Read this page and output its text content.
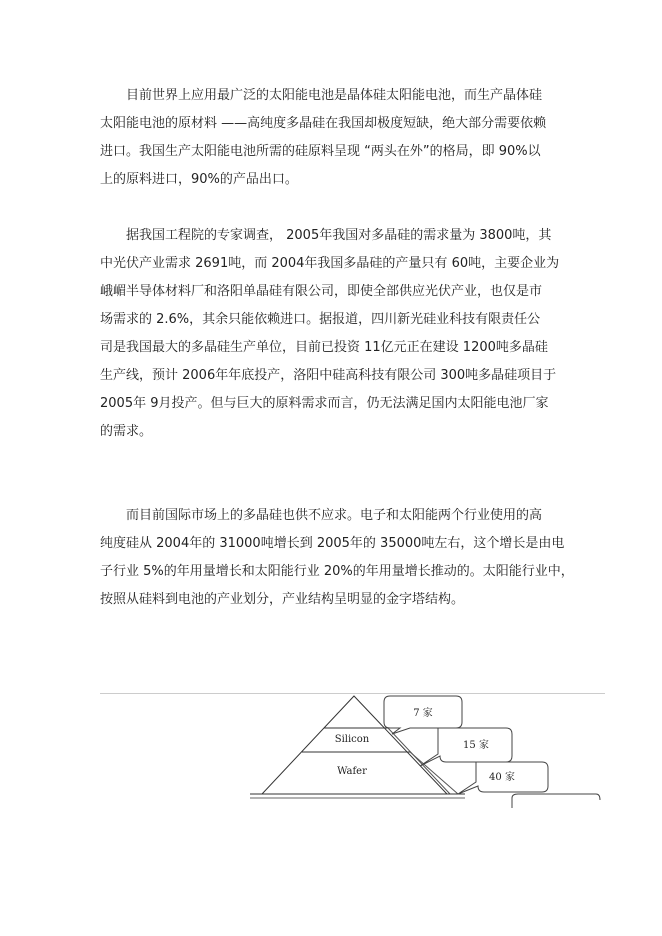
　　目前世界上应用最广泛的太阳能电池是晶体硅太阳能电池，而生产晶体硅
太阳能电池的原材料 ——高纯度多晶硅在我国却极度短缺，绝大部分需要依赖
进口。我国生产太阳能电池所需的硅原料呈现 “两头在外”的格局，即 90%以
上的原料进口，90%的产品出口。

　　据我国工程院的专家调查， 2005年我国对多晶硅的需求量为 3800吨，其
中光伏产业需求 2691吨，而 2004年我国多晶硅的产量只有 60吨，主要企业为
峨嵋半导体材料厂和洛阳单晶硅有限公司，即使全部供应光伏产业，也仅是市
场需求的 2.6%，其余只能依赖进口。据报道，四川新光硅业科技有限责任公
司是我国最大的多晶硅生产单位，目前已投资 11亿元正在建设 1200吨多晶硅
生产线，预计 2006年年底投产，洛阳中硅高科技有限公司 300吨多晶硅项目于
2005年 9月投产。但与巨大的原料需求而言，仍无法满足国内太阳能电池厂家
的需求。

　　而目前国际市场上的多晶硅也供不应求。电子和太阳能两个行业使用的高
纯度硅从 2004年的 31000吨增长到 2005年的 35000吨左右，这个增长是由电
子行业 5%的年用量增长和太阳能行业 20%的年用量增长推动的。太阳能行业中，
按照从硅料到电池的产业划分，产业结构呈明显的金字塔结构。

Silicon
Wafer
7 家
15 家
40 家
